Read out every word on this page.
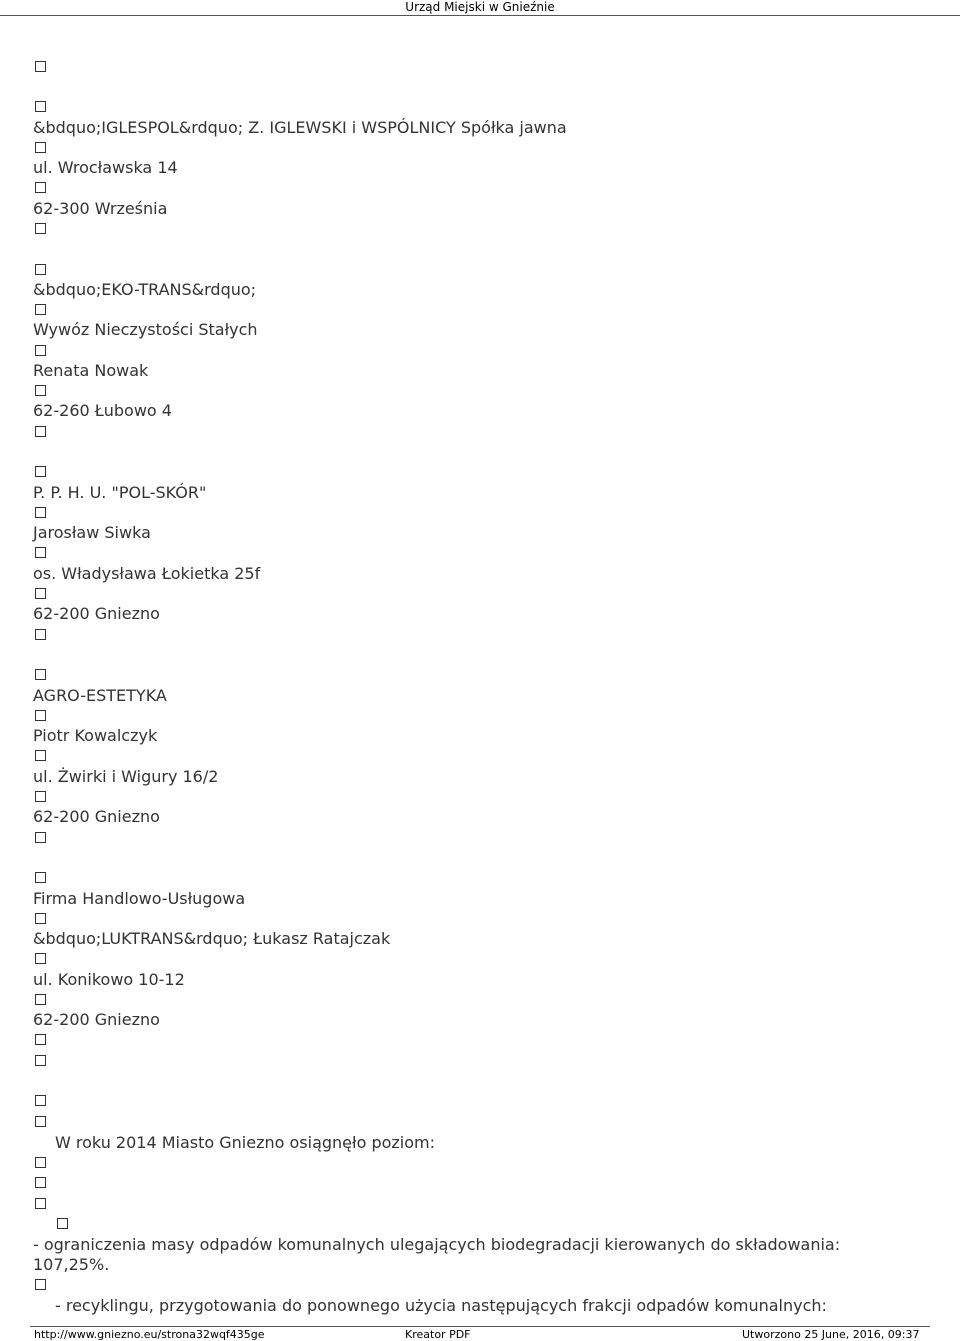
Urząd Miejski w Gnieźnie
&bdquo;IGLESPOL&rdquo; Z. IGLEWSKI i WSPÓLNICY Spółka jawna
ul. Wrocławska 14
62-300 Września
&bdquo;EKO-TRANS&rdquo;
Wywóz Nieczystości Stałych
Renata Nowak
62-260 Łubowo 4
P. P. H. U. "POL-SKÓR"
Jarosław Siwka
os. Władysława Łokietka 25f
62-200 Gniezno
AGRO-ESTETYKA
Piotr Kowalczyk
ul. Żwirki i Wigury 16/2
62-200 Gniezno
Firma Handlowo-Usługowa
&bdquo;LUKTRANS&rdquo; Łukasz Ratajczak
ul. Konikowo 10-12
62-200 Gniezno
W roku 2014 Miasto Gniezno osiągnęło poziom:
- ograniczenia masy odpadów komunalnych ulegających biodegradacji kierowanych do składowania:
107,25%.
- recyklingu, przygotowania do ponownego użycia następujących frakcji odpadów komunalnych:
http://www.gniezno.eu/strona32wqf435ge	Kreator PDF	Utworzono 25 June, 2016, 09:37
